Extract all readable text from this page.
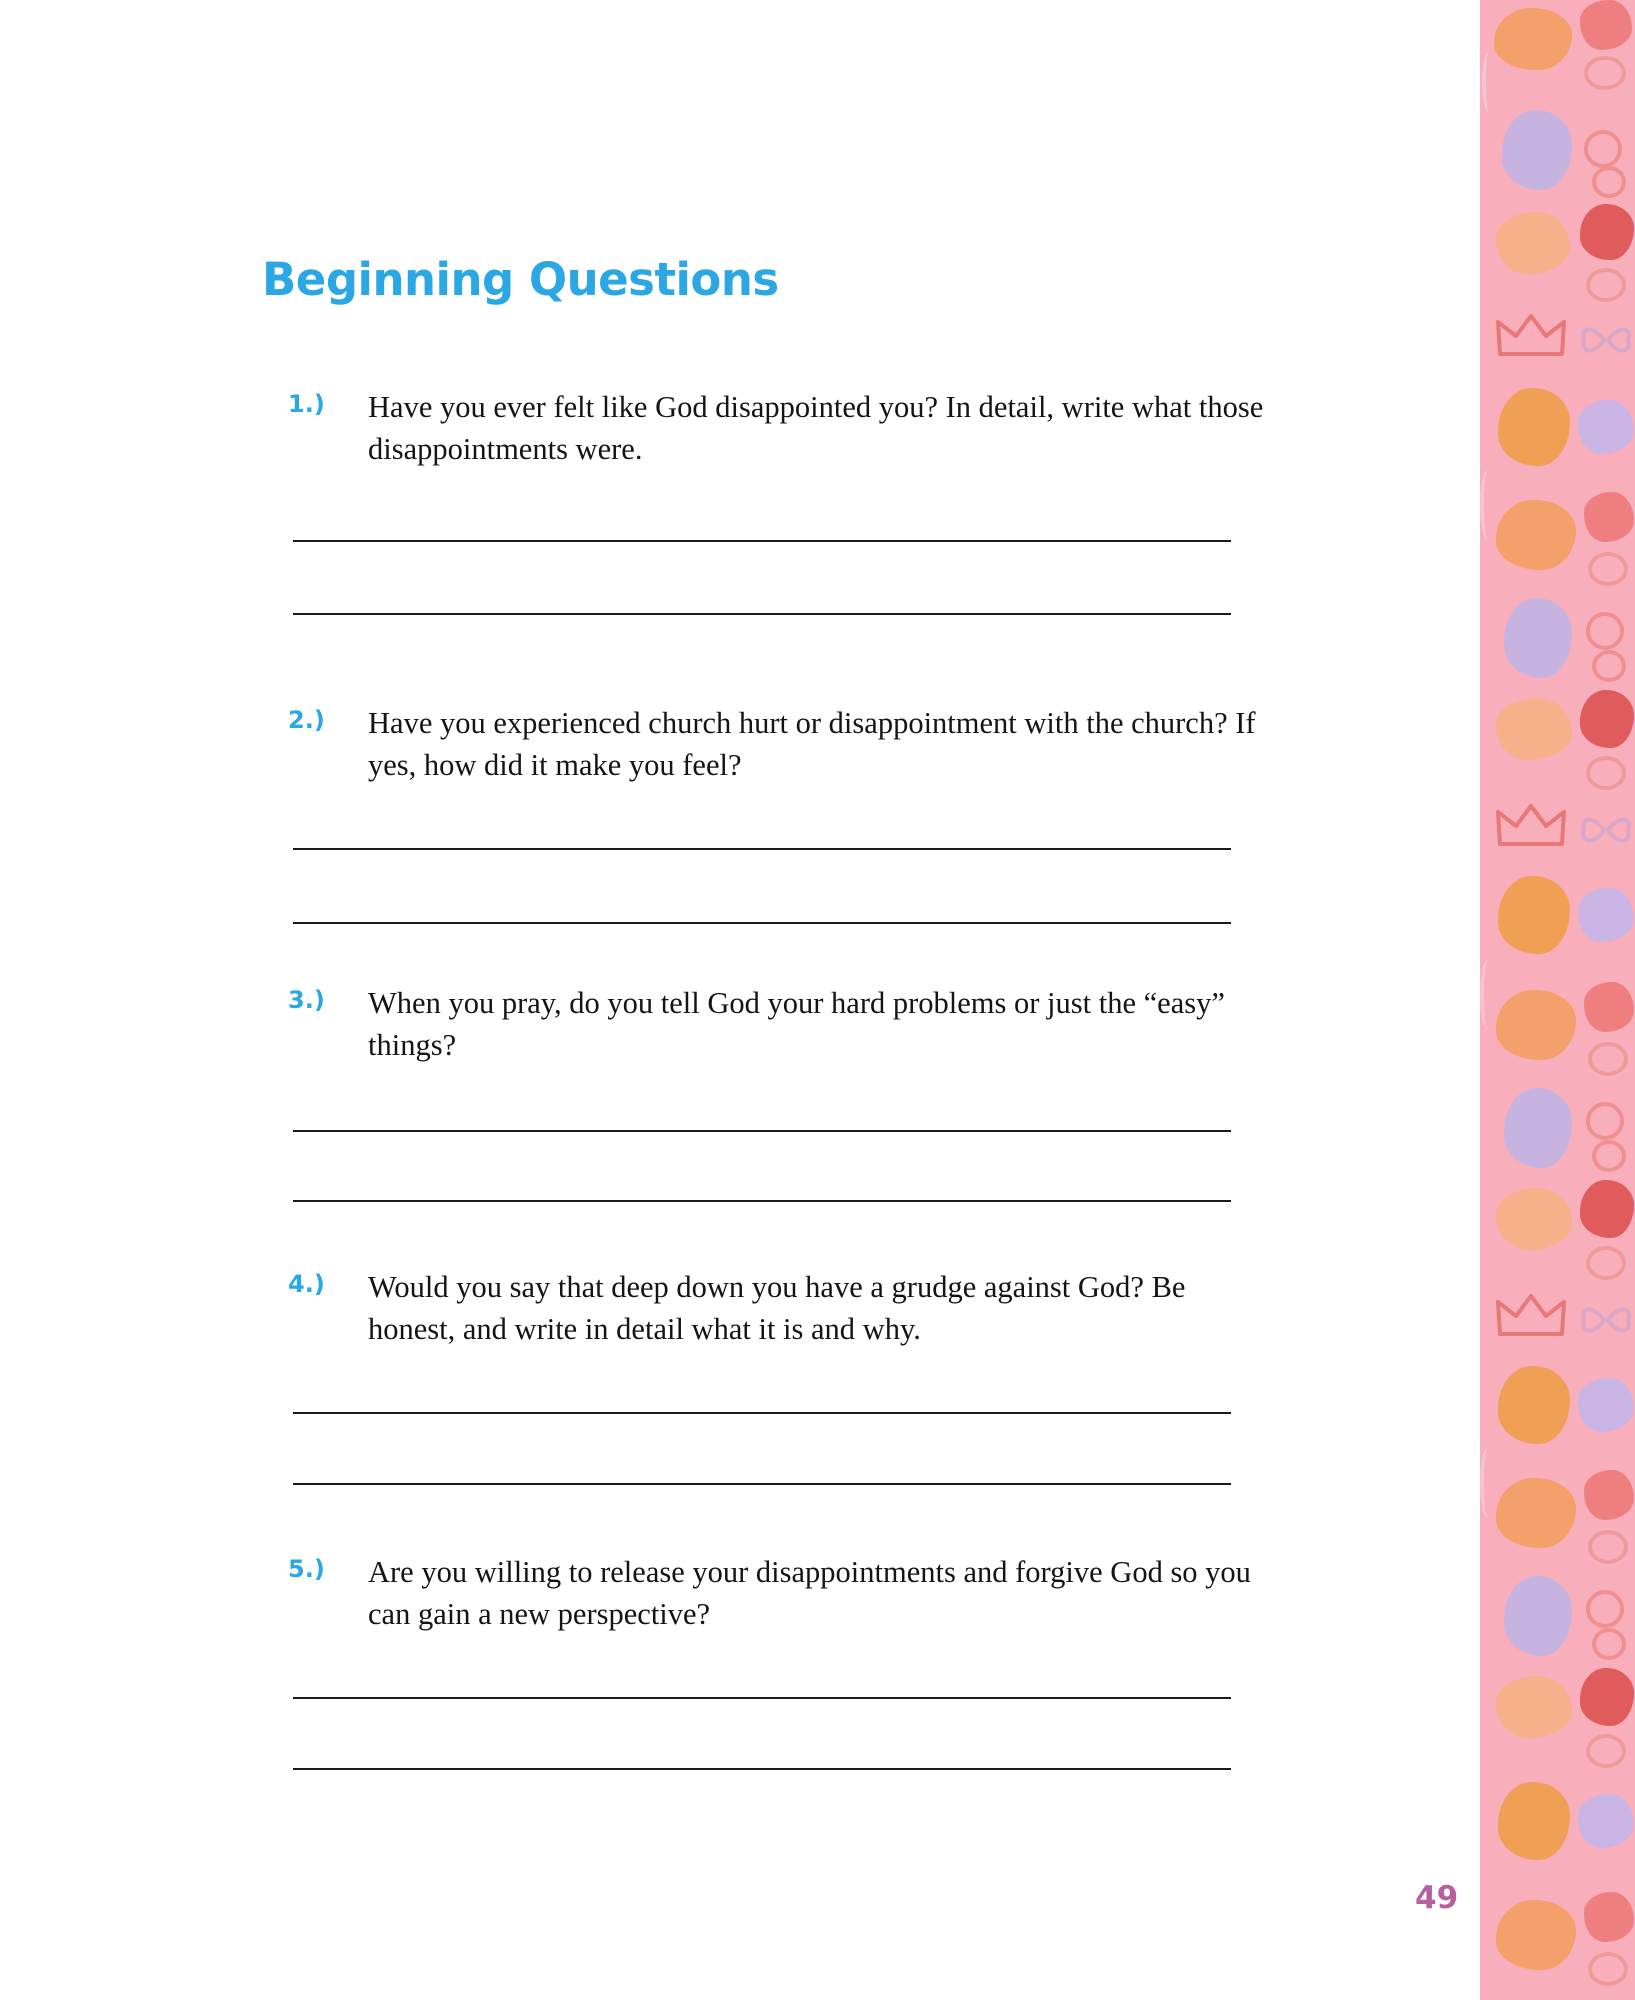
Beginning Questions
1.)	Have you ever felt like God disappointed you? In detail, write what those disappointments were.
2.)	Have you experienced church hurt or disappointment with the church? If yes, how did it make you feel?
3.)	When you pray, do you tell God your hard problems or just the “easy” things?
4.)	Would you say that deep down you have a grudge against God? Be honest, and write in detail what it is and why.
5.)	Are you willing to release your disappointments and forgive God so you can gain a new perspective?
49
